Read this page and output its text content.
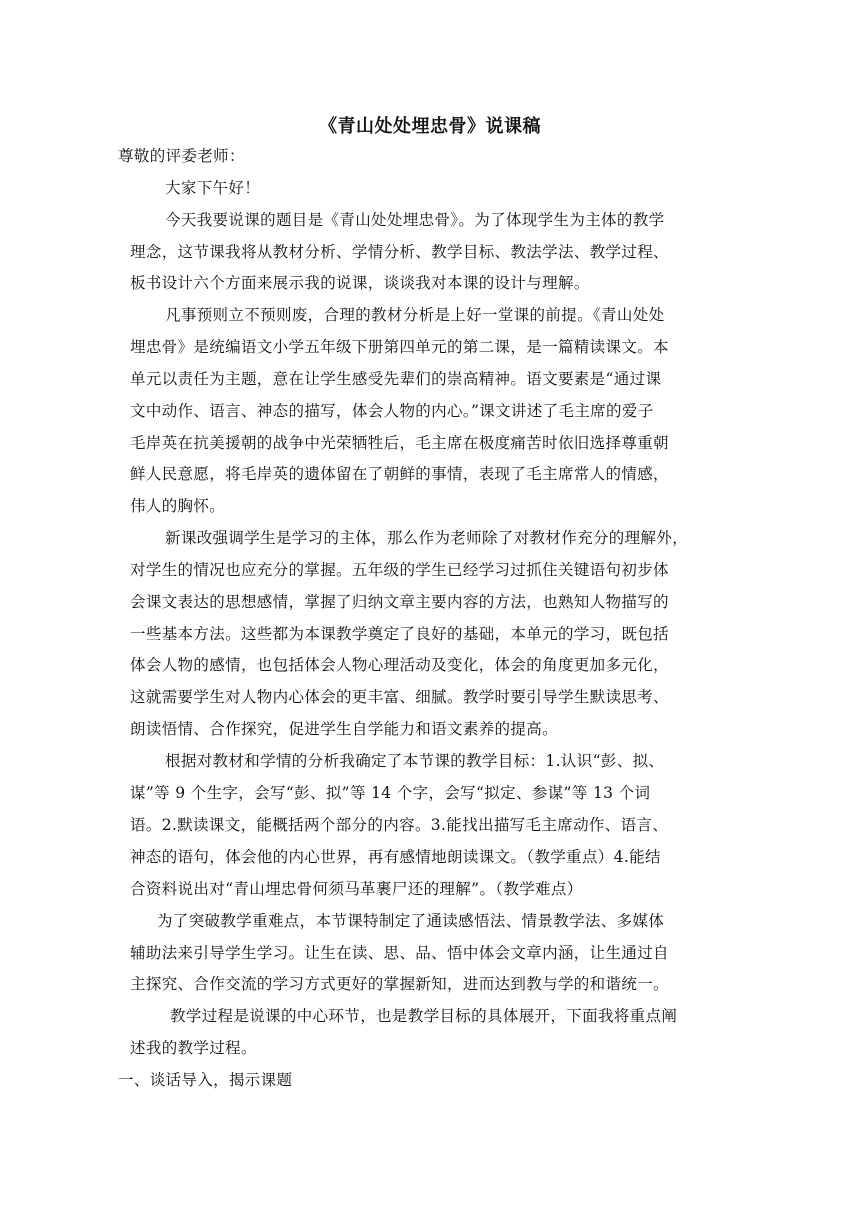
《青山处处埋忠骨》说课稿
尊敬的评委老师：
大家下午好！
今天我要说课的题目是《青山处处埋忠骨》。为了体现学生为主体的教学
理念，这节课我将从教材分析、学情分析、教学目标、教法学法、教学过程、
板书设计六个方面来展示我的说课，谈谈我对本课的设计与理解。
凡事预则立不预则废，合理的教材分析是上好一堂课的前提。《青山处处
埋忠骨》是统编语文小学五年级下册第四单元的第二课，是一篇精读课文。本
单元以责任为主题，意在让学生感受先辈们的崇高精神。语文要素是“通过课
文中动作、语言、神态的描写，体会人物的内心。”课文讲述了毛主席的爱子
毛岸英在抗美援朝的战争中光荣牺牲后，毛主席在极度痛苦时依旧选择尊重朝
鲜人民意愿，将毛岸英的遗体留在了朝鲜的事情，表现了毛主席常人的情感，
伟人的胸怀。
新课改强调学生是学习的主体，那么作为老师除了对教材作充分的理解外，
对学生的情况也应充分的掌握。五年级的学生已经学习过抓住关键语句初步体
会课文表达的思想感情，掌握了归纳文章主要内容的方法，也熟知人物描写的
一些基本方法。这些都为本课教学奠定了良好的基础，本单元的学习，既包括
体会人物的感情，也包括体会人物心理活动及变化，体会的角度更加多元化，
这就需要学生对人物内心体会的更丰富、细腻。教学时要引导学生默读思考、
朗读悟情、合作探究，促进学生自学能力和语文素养的提高。
根据对教材和学情的分析我确定了本节课的教学目标：1.认识“彭、拟、
谋”等 9 个生字，会写“彭、拟”等 14 个字，会写“拟定、参谋”等 13 个词
语。2.默读课文，能概括两个部分的内容。3.能找出描写毛主席动作、语言、
神态的语句，体会他的内心世界，再有感情地朗读课文。（教学重点）4.能结
合资料说出对“青山埋忠骨何须马革裹尸还的理解”。（教学难点）
为了突破教学重难点，本节课特制定了通读感悟法、情景教学法、多媒体
辅助法来引导学生学习。让生在读、思、品、悟中体会文章内涵，让生通过自
主探究、合作交流的学习方式更好的掌握新知，进而达到教与学的和谐统一。
教学过程是说课的中心环节，也是教学目标的具体展开，下面我将重点阐
述我的教学过程。
一、谈话导入，揭示课题
